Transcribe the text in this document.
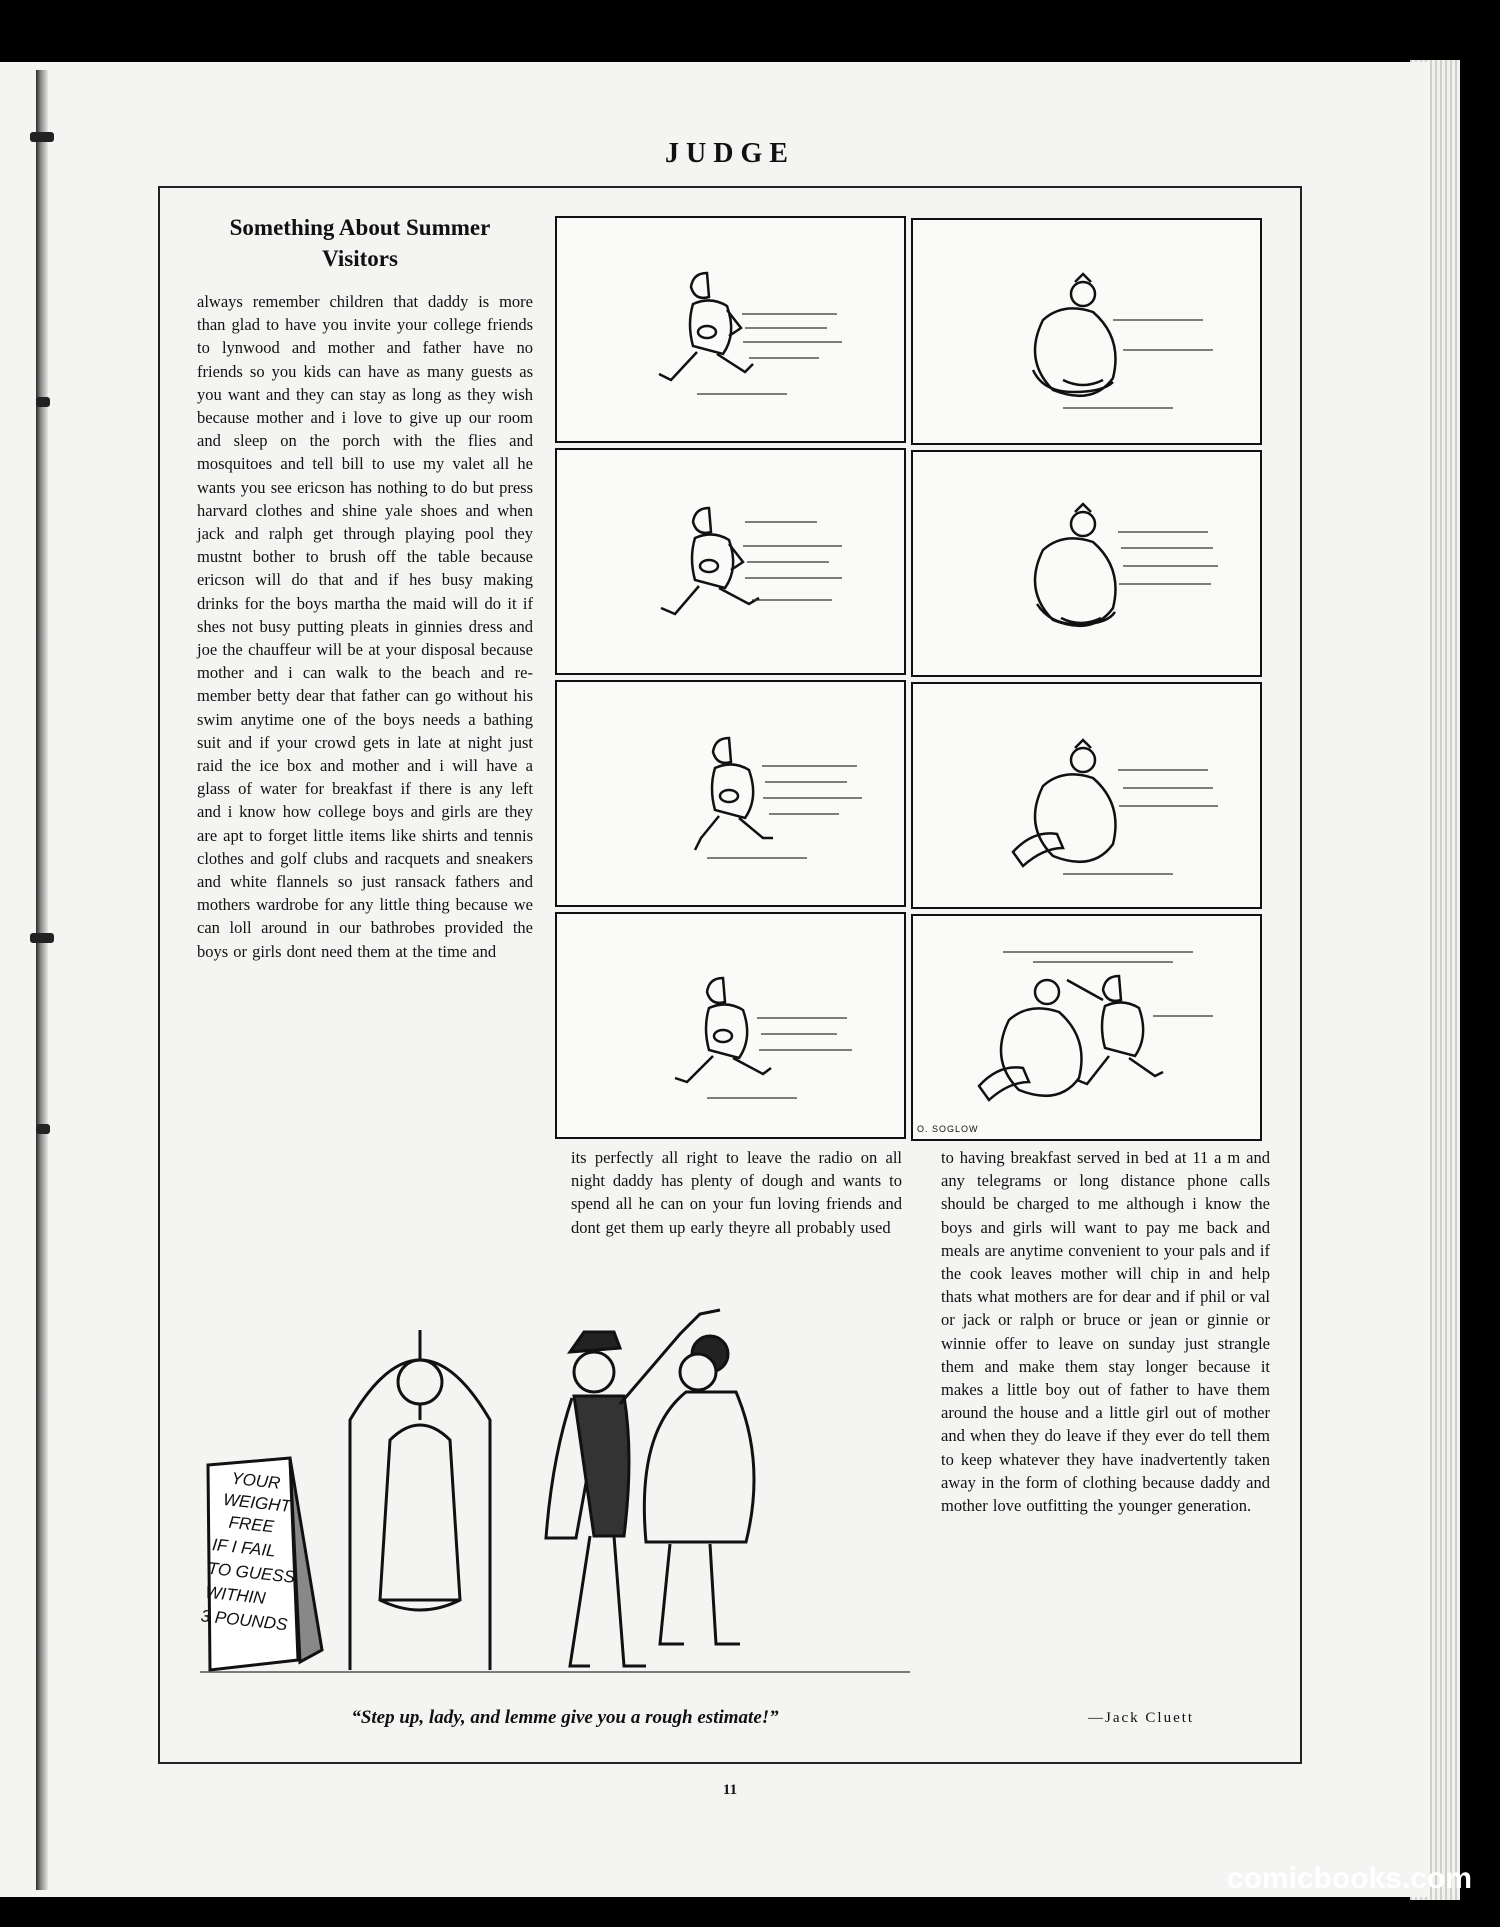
JUDGE
Something About Summer Visitors

always remember children that daddy is more than glad to have you invite your college friends to lynwood and mother and father have no friends so you kids can have as many guests as you want and they can stay as long as they wish because mother and i love to give up our room and sleep on the porch with the flies and mosquitoes and tell bill to use my valet all he wants you see ericson has nothing to do but press harvard clothes and shine yale shoes and when jack and ralph get through playing pool they mustnt bother to brush off the table because ericson will do that and if hes busy making drinks for the boys martha the maid will do it if shes not busy putting pleats in ginnies dress and joe the chauffeur will be at your disposal because mother and i can walk to the beach and remember betty dear that father can go without his swim anytime one of the boys needs a bathing suit and if your crowd gets in late at night just raid the ice box and mother and i will have a glass of water for breakfast if there is any left and i know how college boys and girls are they are apt to forget little items like shirts and tennis clothes and golf clubs and racquets and sneakers and white flannels so just ransack fathers and mothers wardrobe for any little thing because we can loll around in our bathrobes provided the boys or girls dont need them at the time and

its perfectly all right to leave the radio on all night daddy has plenty of dough and wants to spend all he can on your fun loving friends and dont get them up early theyre all probably used

to having breakfast served in bed at 11 a m and any telegrams or long distance phone calls should be charged to me although i know the boys and girls will want to pay me back and meals are anytime convenient to your pals and if the cook leaves mother will chip in and help thats what mothers are for dear and if phil or val or jack or ralph or bruce or jean or ginnie or winnie offer to leave on sunday just strangle them and make them stay longer because it makes a little boy out of father to have them around the house and a little girl out of mother and when they do leave if they ever do tell them to keep whatever they have inadvertently taken away in the form of clothing because daddy and mother love outfitting the younger generation.

O. SOGLOW
YOUR
WEIGHT
FREE
IF I FAIL
TO GUESS
WITHIN
3 POUNDS
“Step up, lady, and lemme give you a rough estimate!”	—Jack Cluett
11
comicbooks.com
